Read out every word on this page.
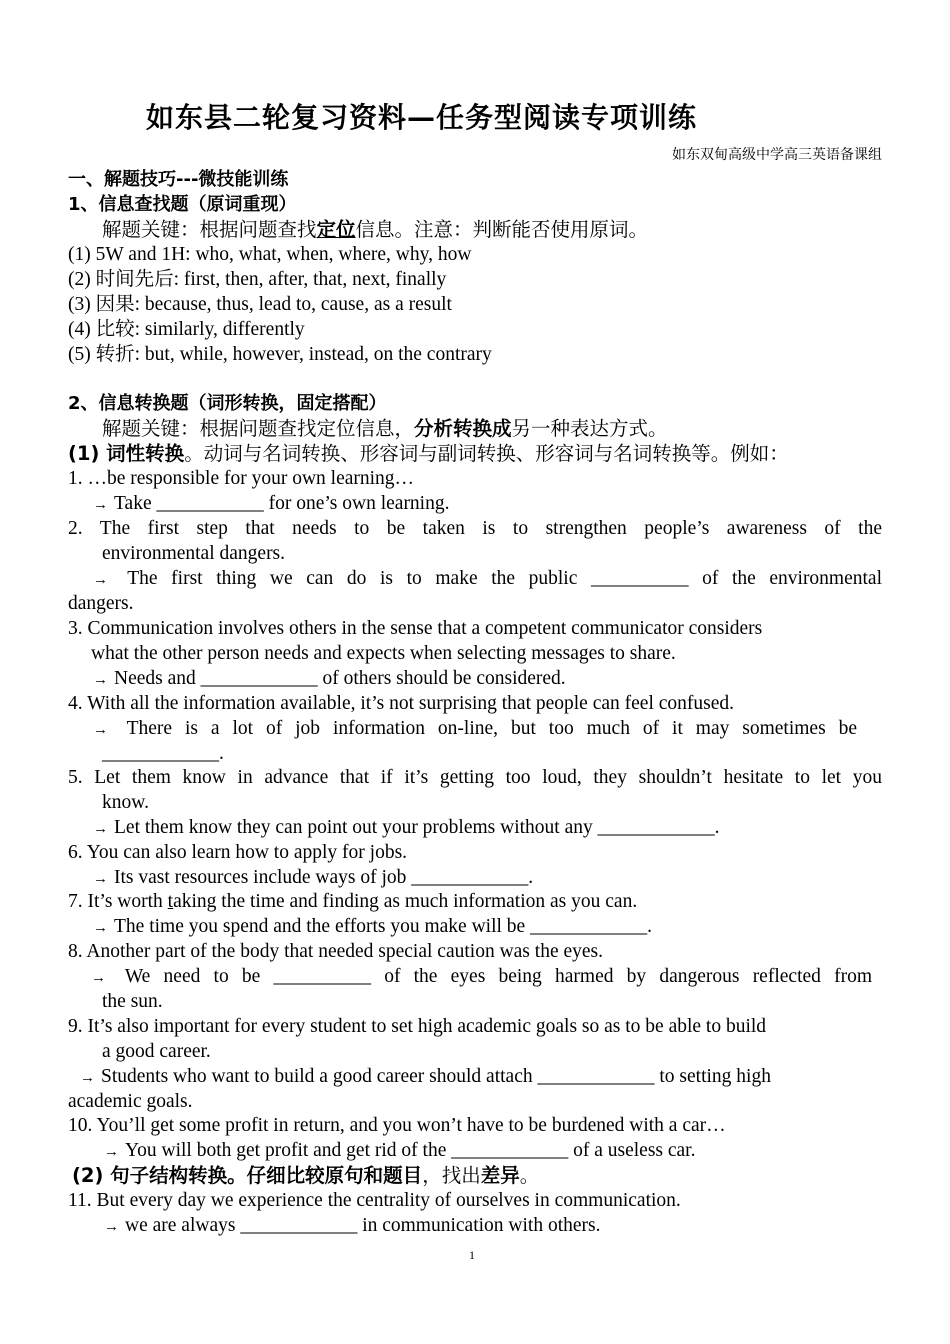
如东县二轮复习资料—任务型阅读专项训练
如东双甸高级中学高三英语备课组
一、解题技巧---微技能训练
1、信息查找题（原词重现）
解题关键：根据问题查找定位信息。注意：判断能否使用原词。
(1) 5W and 1H: who, what, when, where, why, how
(2) 时间先后: first, then, after, that, next, finally
(3) 因果: because, thus, lead to, cause, as a result
(4) 比较: similarly, differently
(5) 转折: but, while, however, instead, on the contrary
2、信息转换题（词形转换，固定搭配）
解题关键：根据问题查找定位信息，分析转换成另一种表达方式。
(1) 词性转换。动词与名词转换、形容词与副词转换、形容词与名词转换等。例如：
1. …be responsible for your own learning…
→ Take ___________ for one’s own learning.
2. The first step that needs to be taken is to strengthen people’s awareness of the
environmental dangers.
→ The first thing we can do is to make the public __________ of the environmental
dangers.
3. Communication involves others in the sense that a competent communicator considers
what the other person needs and expects when selecting messages to share.
→ Needs and ____________ of others should be considered.
4. With all the information available, it’s not surprising that people can feel confused.
→ There is a lot of job information on-line, but too much of it may sometimes be
____________.
5. Let them know in advance that if it’s getting too loud, they shouldn’t hesitate to let you
know.
→ Let them know they can point out your problems without any ____________.
6. You can also learn how to apply for jobs.
→ Its vast resources include ways of job ____________.
7. It’s worth taking the time and finding as much information as you can.
→ The time you spend and the efforts you make will be ____________.
8. Another part of the body that needed special caution was the eyes.
→ We need to be __________ of the eyes being harmed by dangerous reflected from
the sun.
9. It’s also important for every student to set high academic goals so as to be able to build
a good career.
→ Students who want to build a good career should attach ____________ to setting high
academic goals.
10. You’ll get some profit in return, and you won’t have to be burdened with a car…
→ You will both get profit and get rid of the ____________ of a useless car.
(2) 句子结构转换。仔细比较原句和题目，找出差异。
11. But every day we experience the centrality of ourselves in communication.
→ we are always ____________ in communication with others.
1
